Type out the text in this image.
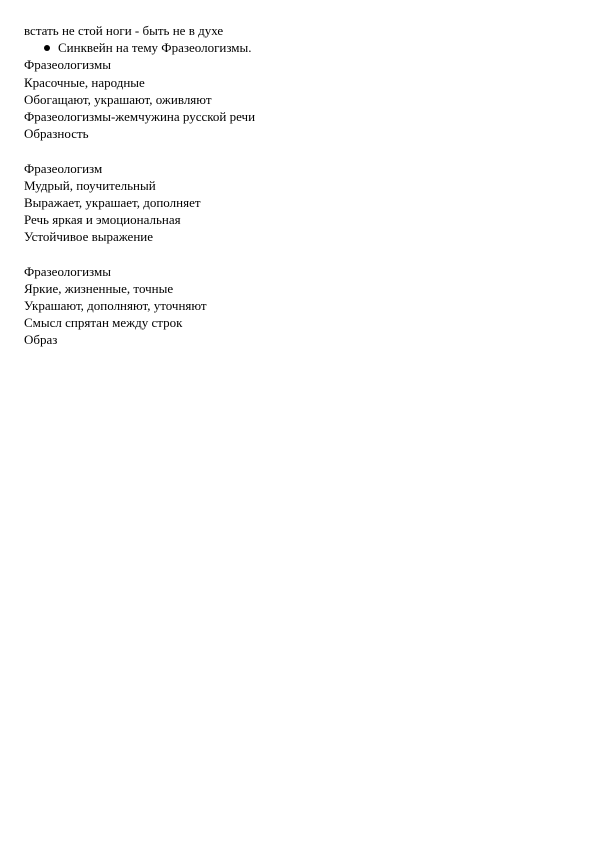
встать не стой ноги - быть не в духе
Синквейн на тему Фразеологизмы.
Фразеологизмы
Красочные, народные
Обогащают, украшают, оживляют
Фразеологизмы-жемчужина русской речи
Образность
Фразеологизм
Мудрый, поучительный
Выражает, украшает, дополняет
Речь яркая и эмоциональная
Устойчивое выражение
Фразеологизмы
Яркие, жизненные, точные
Украшают, дополняют, уточняют
Смысл спрятан между строк
Образ
